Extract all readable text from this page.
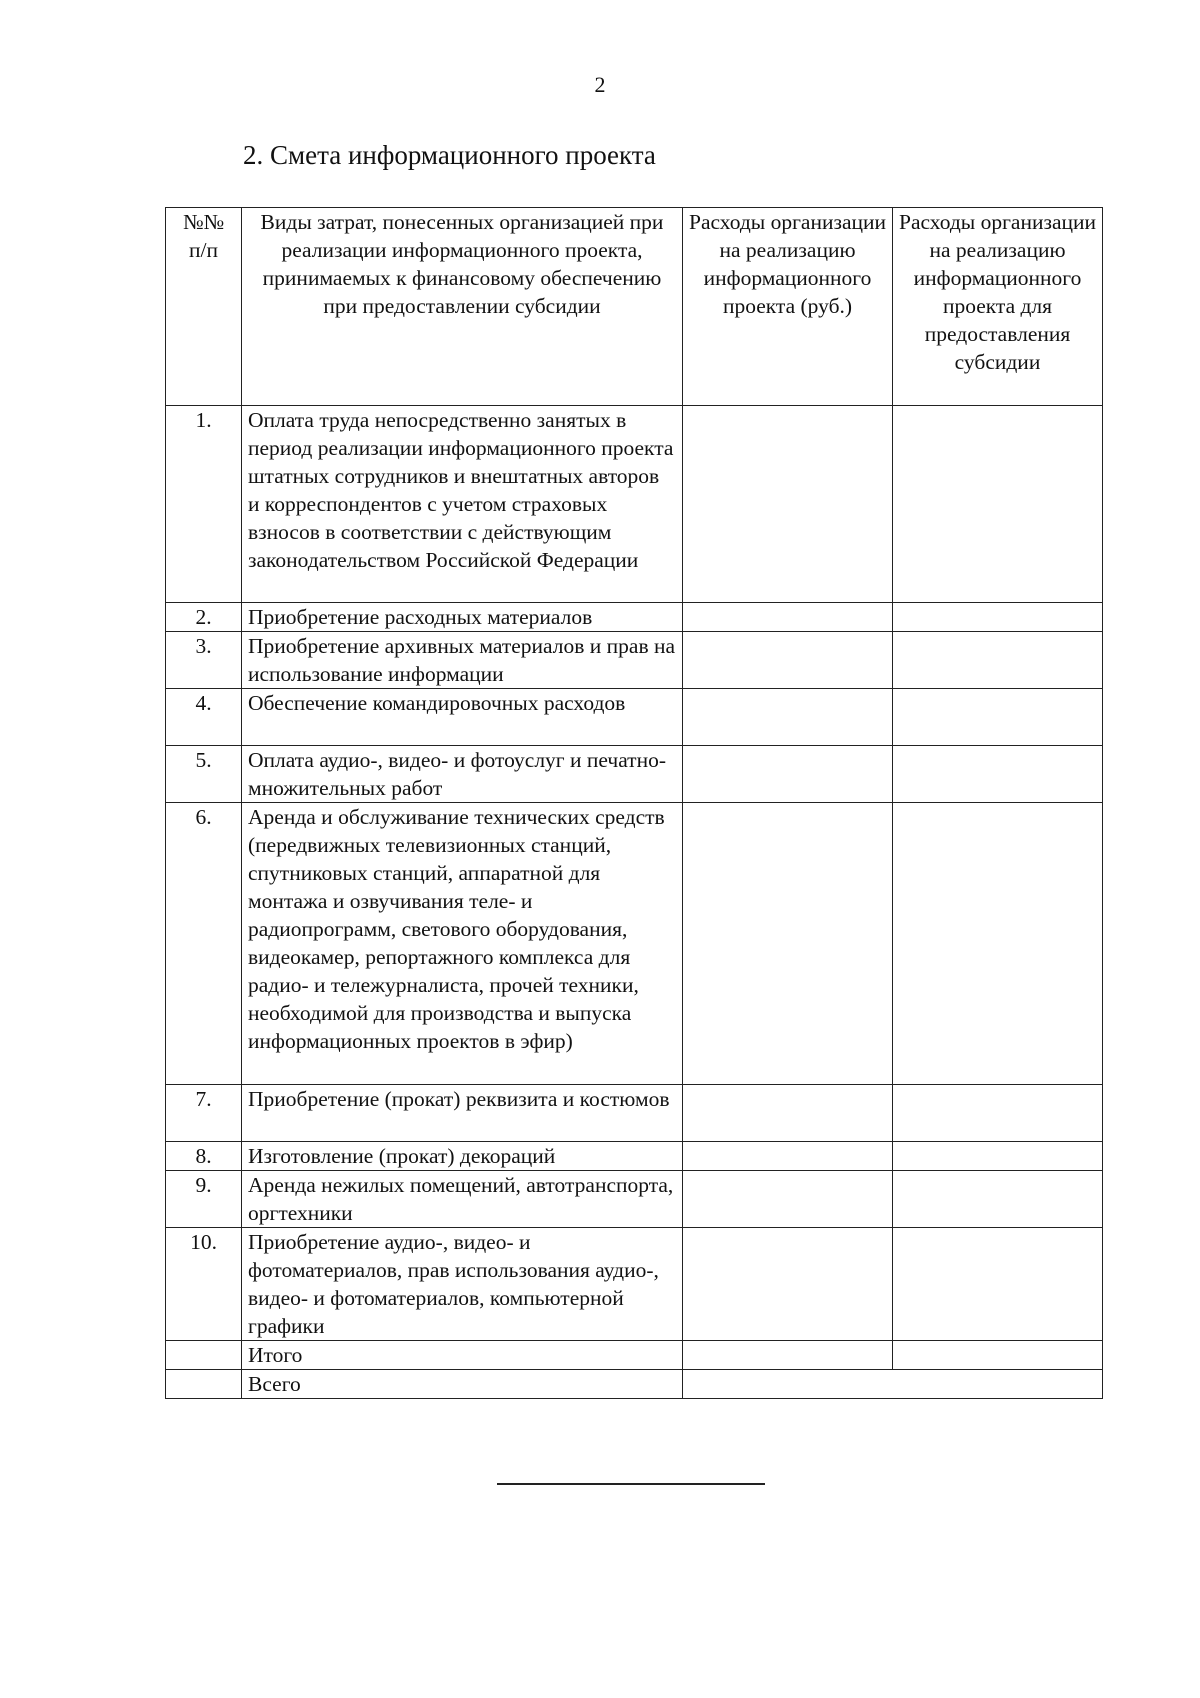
2
2. Смета информационного проекта
№№ п/п	Виды затрат, понесенных организацией при реализации информационного проекта, принимаемых к финансовому обеспечению при предоставлении субсидии	Расходы организации на реализацию информационного проекта (руб.)	Расходы организации на реализацию информационного проекта для предоставления субсидии
1.	Оплата труда непосредственно занятых в период реализации информационного проекта штатных сотрудников и внештатных авторов и корреспондентов с учетом страховых взносов в соответствии с действующим законодательством Российской Федерации		
2.	Приобретение расходных материалов		
3.	Приобретение архивных материалов и прав на использование информации		
4.	Обеспечение командировочных расходов		
5.	Оплата аудио-, видео- и фотоуслуг и печатно-множительных работ		
6.	Аренда и обслуживание технических средств (передвижных телевизионных станций, спутниковых станций, аппаратной для монтажа и озвучивания теле- и радиопрограмм, светового оборудования, видеокамер, репортажного комплекса для радио- и тележурналиста, прочей техники, необходимой для производства и выпуска информационных проектов в эфир)		
7.	Приобретение (прокат) реквизита и костюмов		
8.	Изготовление (прокат) декораций		
9.	Аренда нежилых помещений, автотранспорта, оргтехники		
10.	Приобретение аудио-, видео- и фотоматериалов, прав использования аудио-, видео- и фотоматериалов, компьютерной графики		
	Итого		
	Всего		
